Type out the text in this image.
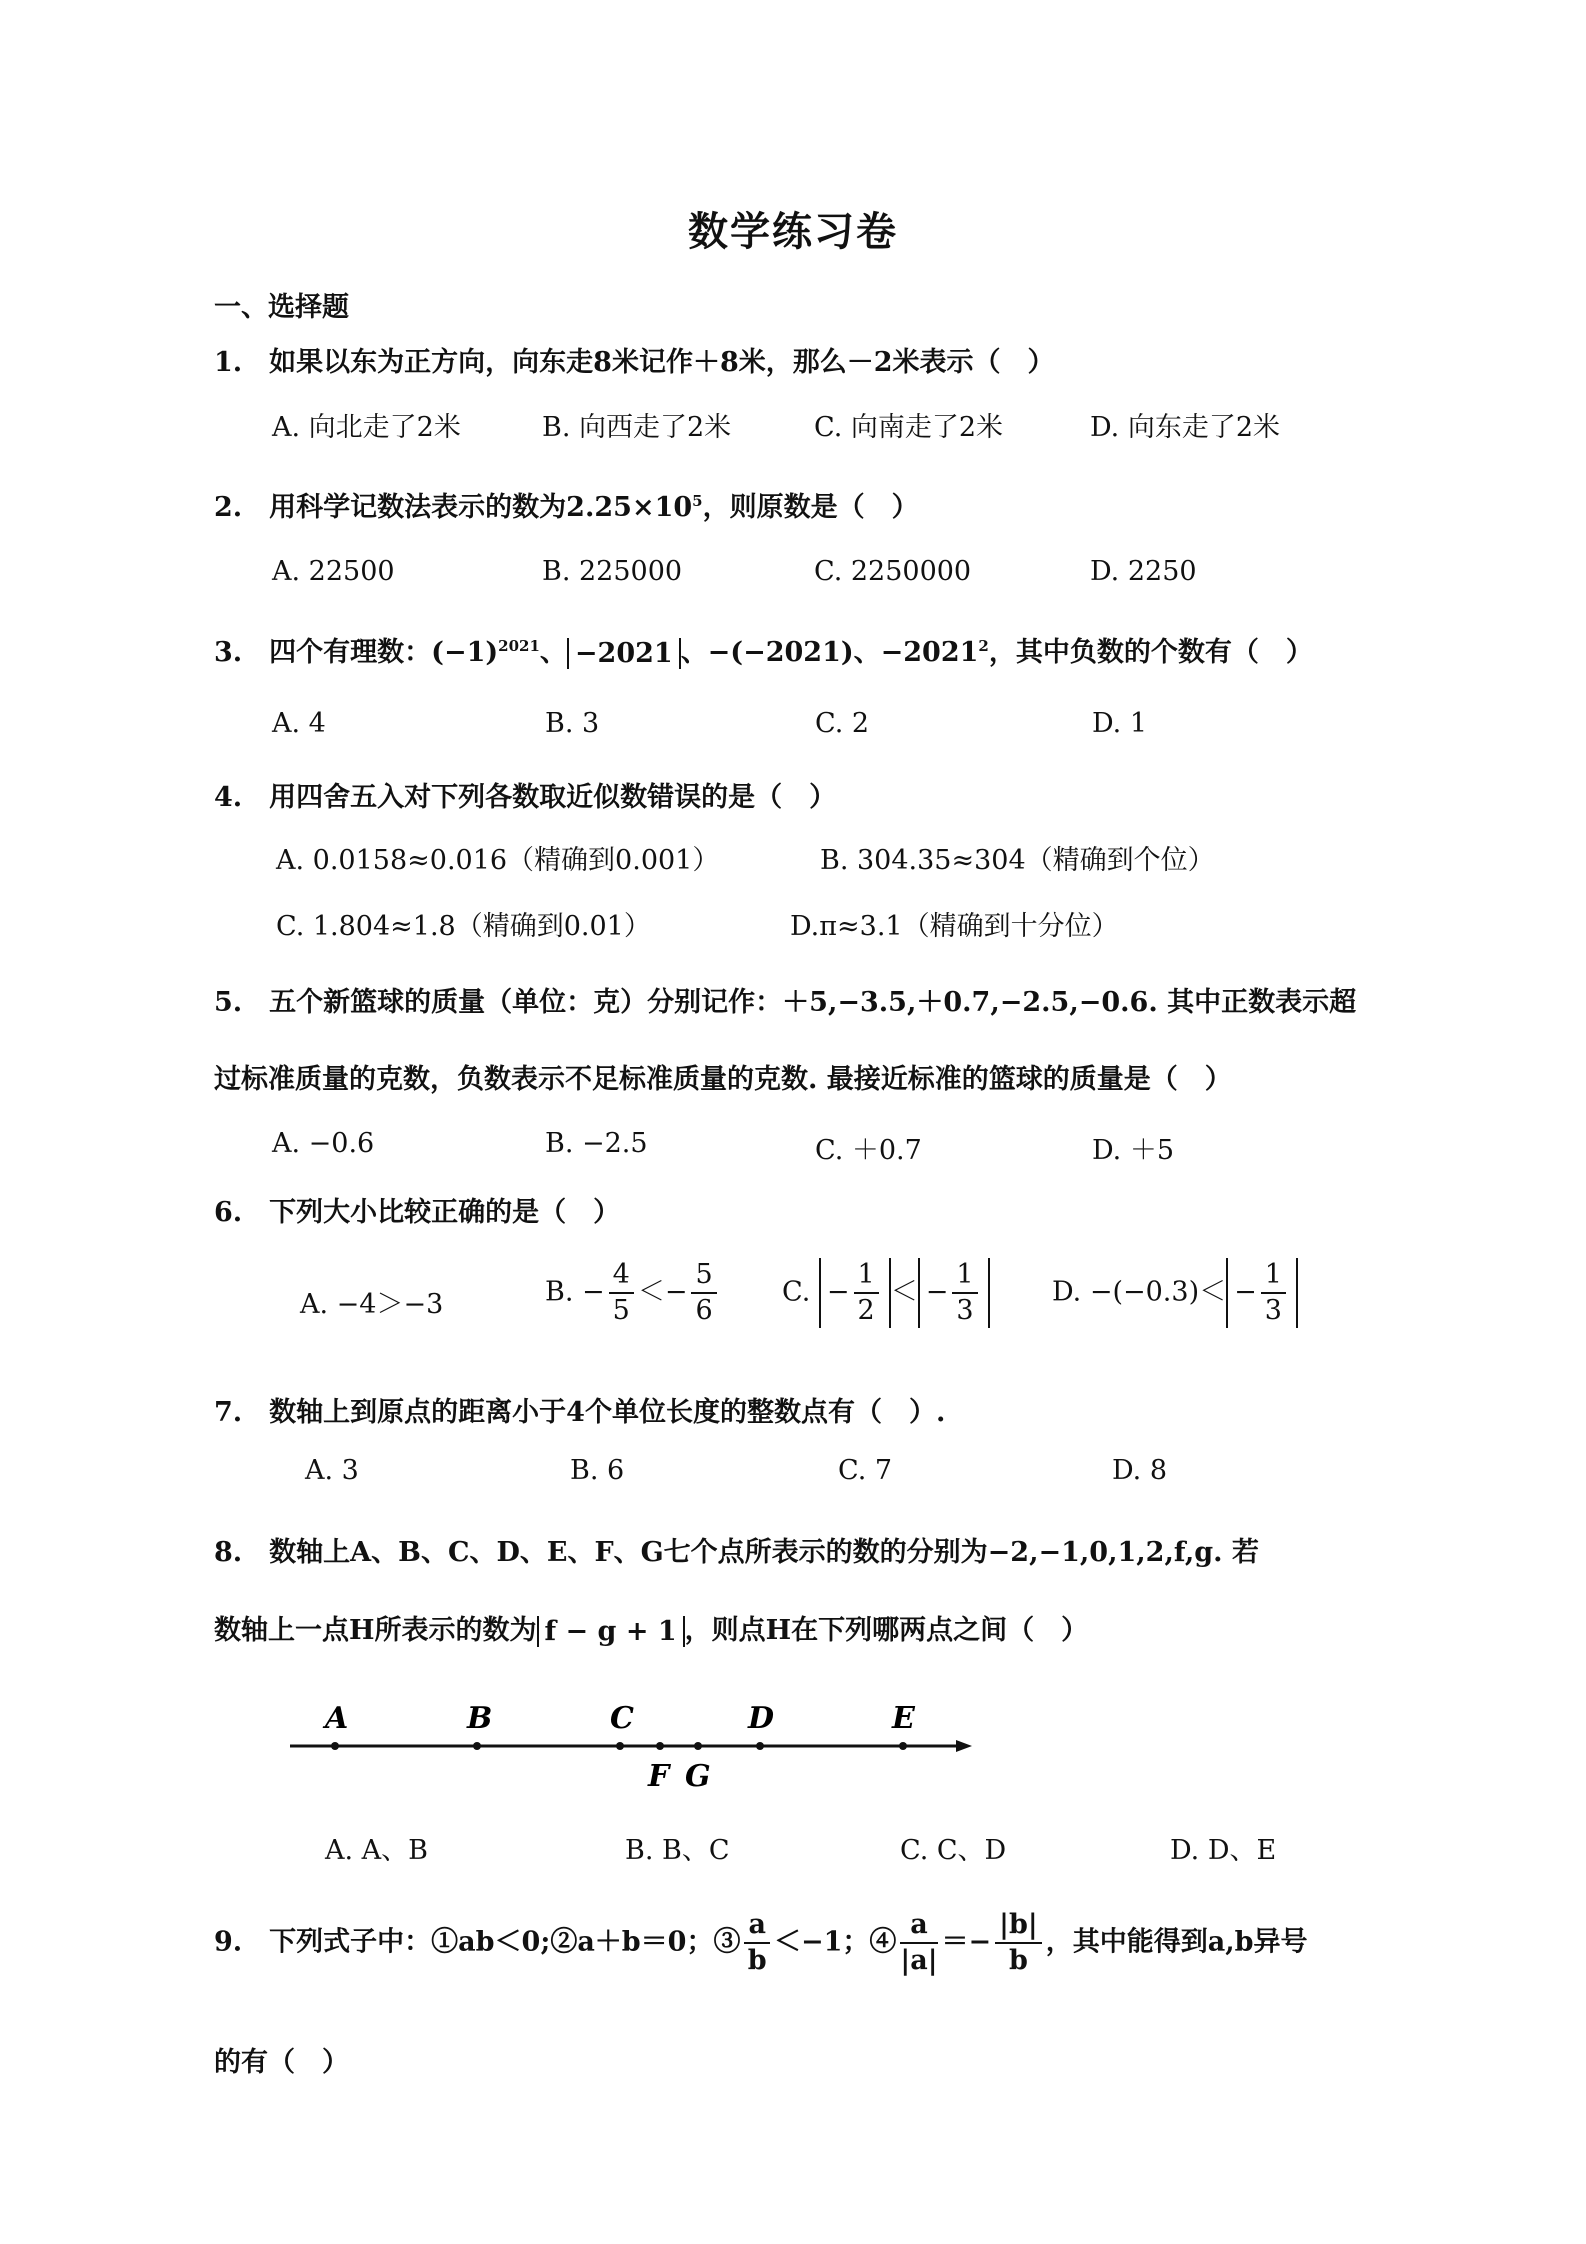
数学练习卷
一、选择题
1.　如果以东为正方向，向东走8米记作＋8米，那么－2米表示（　）
A. 向北走了2米	B. 向西走了2米	C. 向南走了2米	D. 向东走了2米
2.　用科学记数法表示的数为$2.25\times 10^5$，则原数是（　）
A. 22500	B. 225000	C. 2250000	D. 2250
3.　四个有理数：$(-1)^{2021}$、 −2021 、−(−2021)、$-2021^2$，其中负数的个数有（　）
A. 4	B. 3	C. 2	D. 1
4.　用四舍五入对下列各数取近似数错误的是（　）
A. 0.0158≈0.016（精确到0.001）	B. 304.35≈304（精确到个位）
C. 1.804≈1.8（精确到0.01）	D.π≈3.1（精确到十分位）
5.　五个新篮球的质量（单位：克）分别记作：＋5,−3.5,＋0.7,−2.5,−0.6. 其中正数表示超
过标准质量的克数，负数表示不足标准质量的克数. 最接近标准的篮球的质量是（　）
A. −0.6	B. −2.5	C. ＋0.7	D. ＋5
6.　下列大小比较正确的是（　）
A. −4＞−3	B. − $\frac{4}{5} <- \frac{5}{6} C$. − $\frac{1}{2}$ ＜ − $\frac{1}{3}$	D. $-(-0.3)< - \frac{1}{3}$
7.　数轴上到原点的距离小于4个单位长度的整数点有（　）.
A. 3	B. 6	C. 7	D. 8
8.　数轴上A、B、C、D、E、F、G七个点所表示的数的分别为−2,−1,0,1,2,f,g. 若
数轴上一点H所表示的数为 f − g + 1 ，则点H在下列哪两点之间（　）
A	B	C	D	E
F G
A. A、B	B. B、C	C. C、D	D. D、E
9.　下列式子中：①ab＜0;②a＋b＝0；③ $\frac{a}{b} <-1$；④ $\frac{a}{|a|} =- \frac{|b|}{b}$ ，其中能得到a,b异号
的有（　）
